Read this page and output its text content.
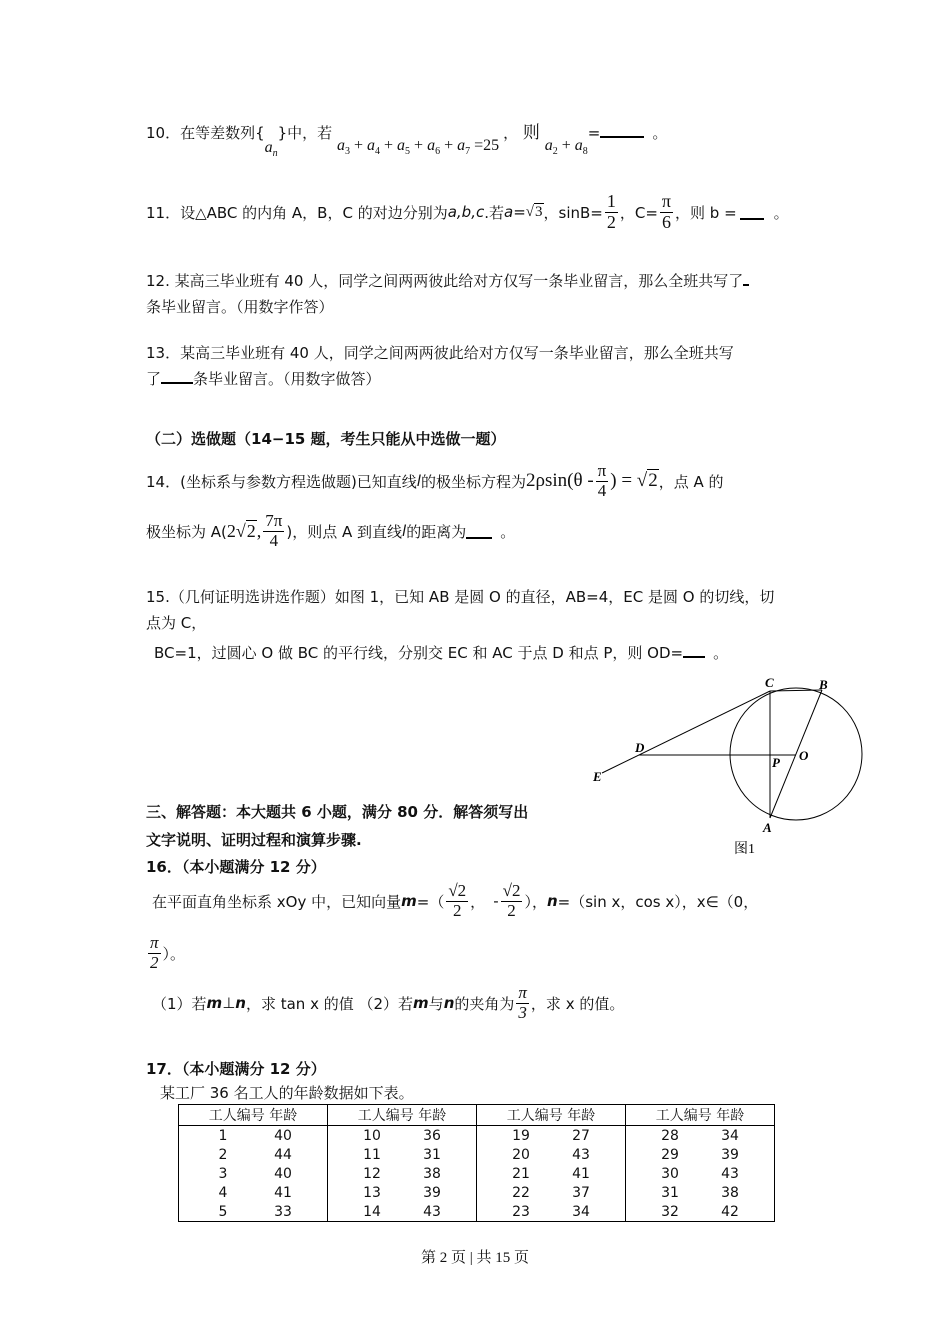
10．在等差数列$\{a_n\}$中，若 $a_3 + a_4 + a_5 + a_6 + a_7 =25$ ， 则 $a_2 + a_8=$	。
11．设△ABC 的内角 A，B，C 的对边分别为 a,b,c .若 a = √3 ，$\sin B= \frac{1}{2}$ ，$C= \frac{\pi}{6}$ ，则 b = 。
12. 某高三毕业班有 40 人，同学之间两两彼此给对方仅写一条毕业留言，那么全班共写了
条毕业留言。（用数字作答）
13．某高三毕业班有 40 人，同学之间两两彼此给对方仅写一条毕业留言，那么全班共写
了 条毕业留言。（用数字做答）
（二）选做题（14−15 题，考生只能从中选做一题）
14．(坐标系与参数方程选做题)已知直线 l 的极坐标方程为 $2\rho\sin(\theta - \frac{\pi}{4}$ ) = √2 ，点 A 的
极坐标为 A( 2 √2 , $\frac{7\pi}{4}$ )，则点 A 到直线 l 的距离为 。
15.（几何证明选讲选作题）如图 1，已知 AB 是圆 O 的直径，AB=4，EC 是圆 O 的切线，切
点为 C，
BC=1，过圆心 O 做 BC 的平行线，分别交 EC 和 AC 于点 D 和点 P，则 OD= 。
C	B
D
O
P
E
A
图1
三、解答题：本大题共 6 小题，满分 80 分．解答须写出
文字说明、证明过程和演算步骤.
16．（本小题满分 12 分）
在平面直角坐标系 xOy 中，已知向量 m =（ $\frac{√2}{2}$ ， - $\frac{√2}{2}$ ）， n =（sin x，cos x），x∈（0，
$\frac{\pi}{2}$ ）。
（1）若 m ⊥ n ，求 tan x 的值 （2）若 m 与 n 的夹角为 $\frac{\pi}{3}$ ，求 x 的值。
17．（本小题满分 12 分）
某工厂 36 名工人的年龄数据如下表。
工人编号 年龄	工人编号 年龄	工人编号 年龄	工人编号 年龄

1 40	10 36	19 27	28 34

2 44	11 31	20 43	29 39

3 40	12 38	21 41	30 43

4 41	13 39	22 37	31 38

5 33	14 43	23 34	32 42
第 2 页 | 共 15 页
